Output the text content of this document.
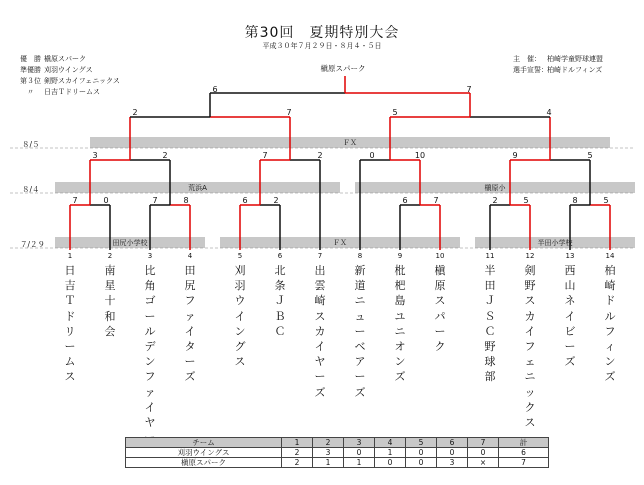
第30回　夏期特別大会
平成３０年７月２９日・８月４・５日
優　勝 槇原スパーク
準優勝 刈羽ウイングス
第３位 剣野スカイフェニックス
〃 日吉Ｔドリームス
主　催： 柏崎学童野球連盟
選手宣誓： 柏崎ドルフィンズ
槇原スパーク
ＦＸ
荒浜A	槇原小
田尻小学校	ＦＸ	半田小学校
８/５
８/４
７/２９
6	7
2	7	5	4
3	2	7	2	0	10	9	5
7	0	7	8	6	2	6	7	2	5	8	5
1	2	3	4	5	6	7	8	9	10	11	12	13	14
日吉Ｔドリームス
南星十和会
比角ゴールデンファイヤ
田尻ファイターズ
刈羽ウイングス
北条ＪＢＣ
出雲崎スカイヤーズ
新道ニューベアーズ
枇杷島ユニオンズ
槇原スパーク
半田ＪＳＣ野球部
剣野スカイフェニックス
西山ネイビーズ
柏崎ドルフィンズ
チーム	1	2	3	4	5	6	7	計
刈羽ウイングス	2	3	0	1	0	0	0	6
槇原スパーク	2	1	1	0	0	3	×	7
